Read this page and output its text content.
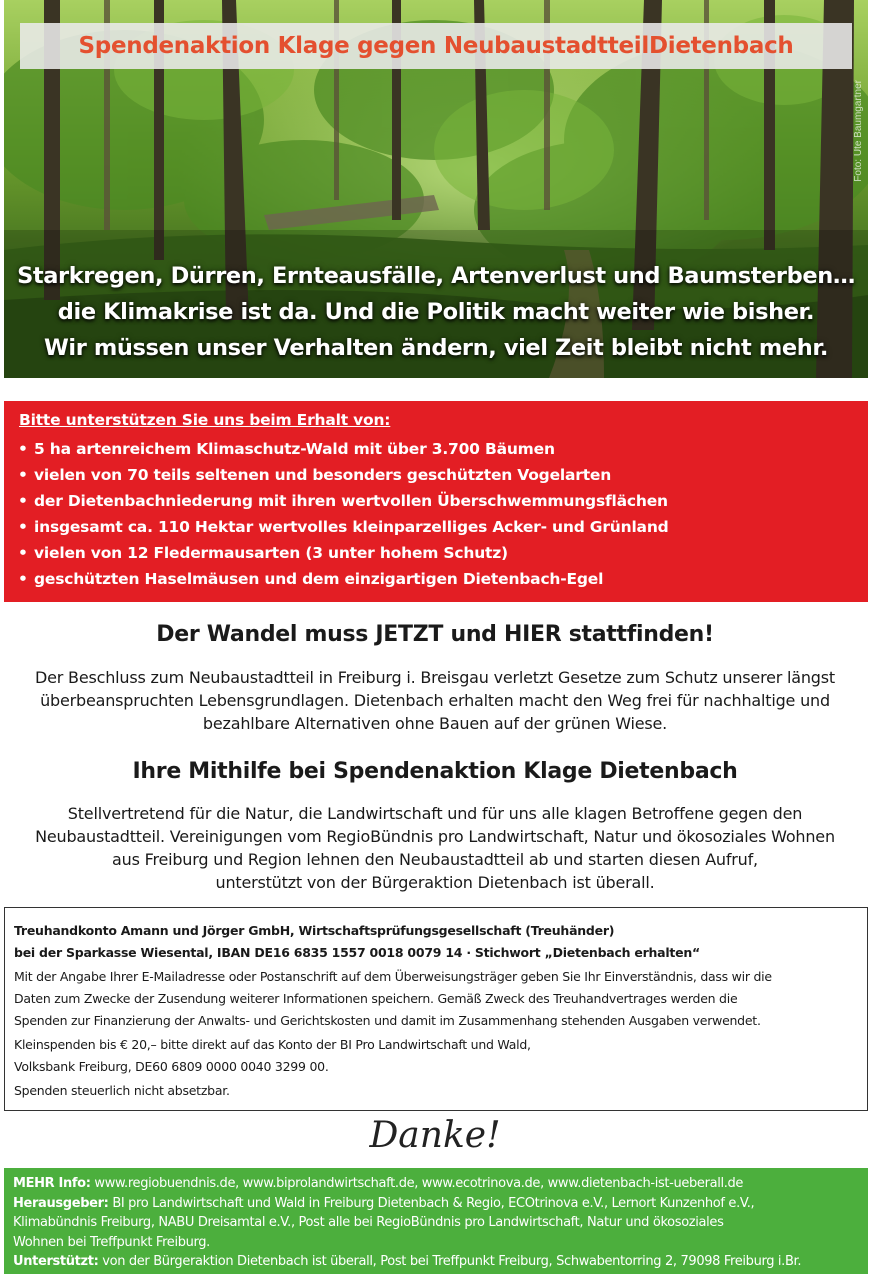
Spendenaktion Klage gegen NeubaustadtteilDietenbach
Foto: Ute Baumgartner
Starkregen, Dürren, Ernteausfälle, Artenverlust und Baumsterben…
die Klimakrise ist da. Und die Politik macht weiter wie bisher.
Wir müssen unser Verhalten ändern, viel Zeit bleibt nicht mehr.
Bitte unterstützen Sie uns beim Erhalt von:
• 5 ha artenreichem Klimaschutz-Wald mit über 3.700 Bäumen
• vielen von 70 teils seltenen und besonders geschützten Vogelarten
• der Dietenbachniederung mit ihren wertvollen Überschwemmungsflächen
• insgesamt ca. 110 Hektar wertvolles kleinparzelliges Acker- und Grünland
• vielen von 12 Fledermausarten (3 unter hohem Schutz)
• geschützten Haselmäusen und dem einzigartigen Dietenbach-Egel
Der Wandel muss JETZT und HIER stattfinden!
Der Beschluss zum Neubaustadtteil in Freiburg i. Breisgau verletzt Gesetze zum Schutz unserer längst
überbeanspruchten Lebensgrundlagen. Dietenbach erhalten macht den Weg frei für nachhaltige und
bezahlbare Alternativen ohne Bauen auf der grünen Wiese.
Ihre Mithilfe bei Spendenaktion Klage Dietenbach
Stellvertretend für die Natur, die Landwirtschaft und für uns alle klagen Betroffene gegen den
Neubaustadtteil. Vereinigungen vom RegioBündnis pro Landwirtschaft, Natur und ökosoziales Wohnen
aus Freiburg und Region lehnen den Neubaustadtteil ab und starten diesen Aufruf,
unterstützt von der Bürgeraktion Dietenbach ist überall.
Treuhandkonto Amann und Jörger GmbH, Wirtschaftsprüfungsgesellschaft (Treuhänder)
bei der Sparkasse Wiesental, IBAN DE16 6835 1557 0018 0079 14 · Stichwort „Dietenbach erhalten“
Mit der Angabe Ihrer E-Mailadresse oder Postanschrift auf dem Überweisungsträger geben Sie Ihr Einverständnis, dass wir die
Daten zum Zwecke der Zusendung weiterer Informationen speichern. Gemäß Zweck des Treuhandvertrages werden die
Spenden zur Finanzierung der Anwalts- und Gerichtskosten und damit im Zusammenhang stehenden Ausgaben verwendet.
Kleinspenden bis € 20,– bitte direkt auf das Konto der BI Pro Landwirtschaft und Wald,
Volksbank Freiburg, DE60 6809 0000 0040 3299 00.
Spenden steuerlich nicht absetzbar.
Danke!
MEHR Info: www.regiobuendnis.de, www.biprolandwirtschaft.de, www.ecotrinova.de, www.dietenbach-ist-ueberall.de
Herausgeber: BI pro Landwirtschaft und Wald in Freiburg Dietenbach & Regio, ECOtrinova e.V., Lernort Kunzenhof e.V.,
Klimabündnis Freiburg, NABU Dreisamtal e.V., Post alle bei RegioBündnis pro Landwirtschaft, Natur und ökosoziales
Wohnen bei Treffpunkt Freiburg.
Unterstützt: von der Bürgeraktion Dietenbach ist überall, Post bei Treffpunkt Freiburg, Schwabentorring 2, 79098 Freiburg i.Br.
